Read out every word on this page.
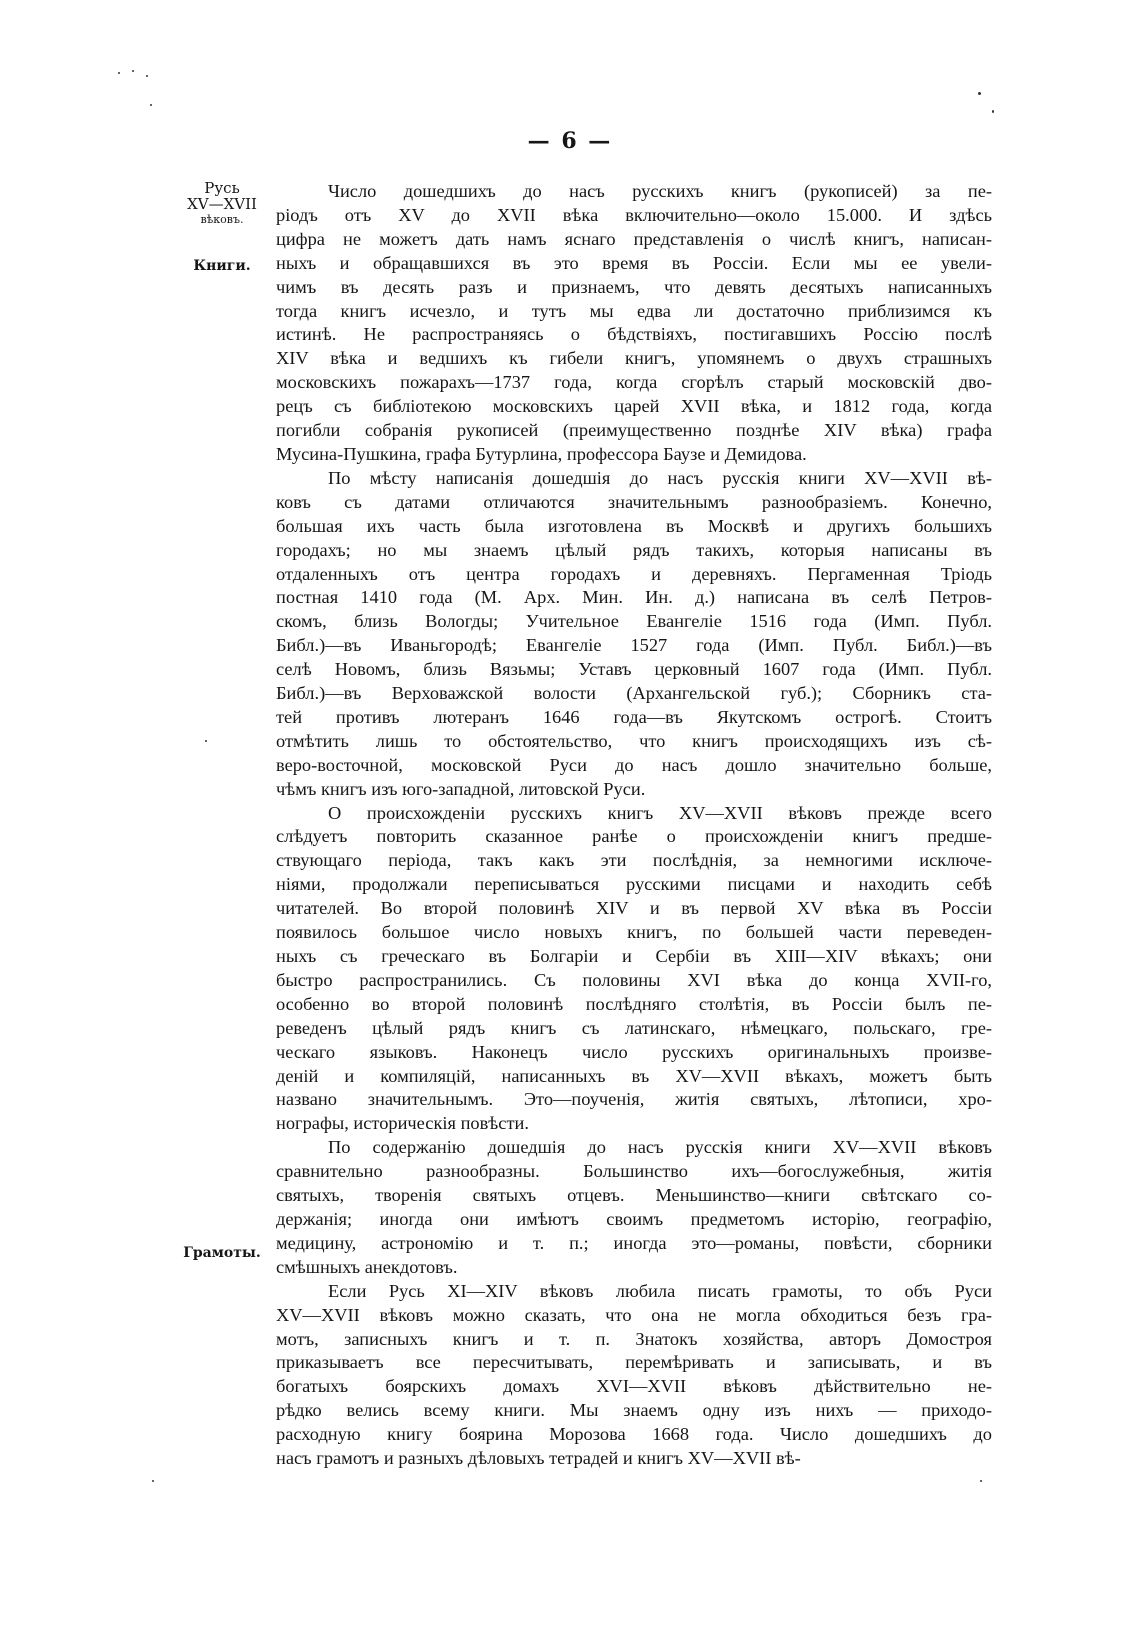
— 6 —
Русь
XV—XVII
вѣковъ.
Книги.
Грамоты.
Число дошедшихъ до насъ русскихъ книгъ (рукописей) за пе-
ріодъ отъ XV до XVII вѣка включительно—около 15.000. И здѣсь
цифра не можетъ дать намъ яснаго представленія о числѣ книгъ, написан-
ныхъ и обращавшихся въ это время въ Россіи. Если мы ее увели-
чимъ въ десять разъ и признаемъ, что девять десятыхъ написанныхъ
тогда книгъ исчезло, и тутъ мы едва ли достаточно приблизимся къ
истинѣ. Не распространяясь о бѣдствіяхъ, постигавшихъ Россію послѣ
XIV вѣка и ведшихъ къ гибели книгъ, упомянемъ о двухъ страшныхъ
московскихъ пожарахъ—1737 года, когда сгорѣлъ старый московскій дво-
рецъ съ библіотекою московскихъ царей XVII вѣка, и 1812 года, когда
погибли собранія рукописей (преимущественно позднѣе XIV вѣка) графа
Мусина-Пушкина, графа Бутурлина, профессора Баузе и Демидова.
По мѣсту написанія дошедшія до насъ русскія книги XV—XVII вѣ-
ковъ съ датами отличаются значительнымъ разнообразіемъ. Конечно,
большая ихъ часть была изготовлена въ Москвѣ и другихъ большихъ
городахъ; но мы знаемъ цѣлый рядъ такихъ, которыя написаны въ
отдаленныхъ отъ центра городахъ и деревняхъ. Пергаменная Тріодь
постная 1410 года (М. Арх. Мин. Ин. д.) написана въ селѣ Петров-
скомъ, близь Вологды; Учительное Евангеліе 1516 года (Имп. Публ.
Библ.)—въ Иваньгородѣ; Евангеліе 1527 года (Имп. Публ. Библ.)—въ
селѣ Новомъ, близь Вязьмы; Уставъ церковный 1607 года (Имп. Публ.
Библ.)—въ Верховажской волости (Архангельской губ.); Сборникъ ста-
тей противъ лютеранъ 1646 года—въ Якутскомъ острогѣ. Стоитъ
отмѣтить лишь то обстоятельство, что книгъ происходящихъ изъ сѣ-
веро-восточной, московской Руси до насъ дошло значительно больше,
чѣмъ книгъ изъ юго-западной, литовской Руси.
О происхожденіи русскихъ книгъ XV—XVII вѣковъ прежде всего
слѣдуетъ повторить сказанное ранѣе о происхожденіи книгъ предше-
ствующаго періода, такъ какъ эти послѣднія, за немногими исключе-
ніями, продолжали переписываться русскими писцами и находить себѣ
читателей. Во второй половинѣ XIV и въ первой XV вѣка въ Россіи
появилось большое число новыхъ книгъ, по большей части переведен-
ныхъ съ греческаго въ Болгаріи и Сербіи въ XIII—XIV вѣкахъ; они
быстро распространились. Съ половины XVI вѣка до конца XVII-го,
особенно во второй половинѣ послѣдняго столѣтія, въ Россіи былъ пе-
реведенъ цѣлый рядъ книгъ съ латинскаго, нѣмецкаго, польскаго, гре-
ческаго языковъ. Наконецъ число русскихъ оригинальныхъ произве-
деній и компиляцій, написанныхъ въ XV—XVII вѣкахъ, можетъ быть
названо значительнымъ. Это—поученія, житія святыхъ, лѣтописи, хро-
нографы, историческія повѣсти.
По содержанію дошедшія до насъ русскія книги XV—XVII вѣковъ
сравнительно разнообразны. Большинство ихъ—богослужебныя, житія
святыхъ, творенія святыхъ отцевъ. Меньшинство—книги свѣтскаго со-
держанія; иногда они имѣютъ своимъ предметомъ исторію, географію,
медицину, астрономію и т. п.; иногда это—романы, повѣсти, сборники
смѣшныхъ анекдотовъ.
Если Русь XI—XIV вѣковъ любила писать грамоты, то объ Руси
XV—XVII вѣковъ можно сказать, что она не могла обходиться безъ гра-
мотъ, записныхъ книгъ и т. п. Знатокъ хозяйства, авторъ Домостроя
приказываетъ все пересчитывать, перемѣривать и записывать, и въ
богатыхъ боярскихъ домахъ XVI—XVII вѣковъ дѣйствительно не-
рѣдко велись всему книги. Мы знаемъ одну изъ нихъ — приходо-
расходную книгу боярина Морозова 1668 года. Число дошедшихъ до
насъ грамотъ и разныхъ дѣловыхъ тетрадей и книгъ XV—XVII вѣ-
